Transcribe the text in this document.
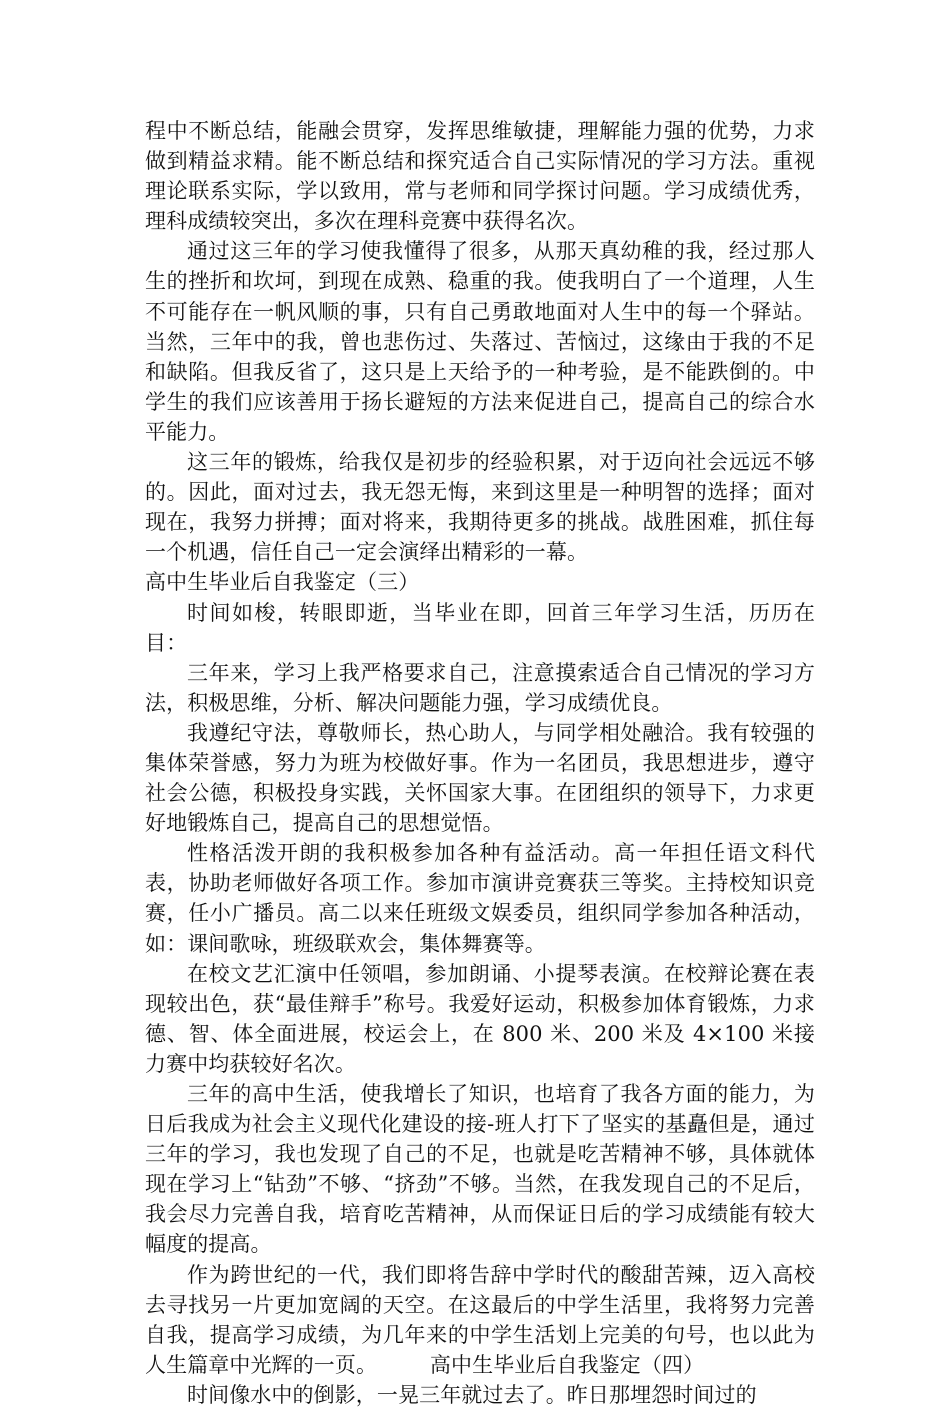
程中不断总结，能融会贯穿，发挥思维敏捷，理解能力强的优势，力求做到精益求精。能不断总结和探究适合自己实际情况的学习方法。重视理论联系实际，学以致用，常与老师和同学探讨问题。学习成绩优秀，理科成绩较突出，多次在理科竞赛中获得名次。

通过这三年的学习使我懂得了很多，从那天真幼稚的我，经过那人生的挫折和坎坷，到现在成熟、稳重的我。使我明白了一个道理，人生不可能存在一帆风顺的事，只有自己勇敢地面对人生中的每一个驿站。当然，三年中的我，曾也悲伤过、失落过、苦恼过，这缘由于我的不足和缺陷。但我反省了，这只是上天给予的一种考验，是不能跌倒的。中学生的我们应该善用于扬长避短的方法来促进自己，提高自己的综合水平能力。

这三年的锻炼，给我仅是初步的经验积累，对于迈向社会远远不够的。因此，面对过去，我无怨无悔，来到这里是一种明智的选择；面对现在，我努力拼搏；面对将来，我期待更多的挑战。战胜困难，抓住每一个机遇，信任自己一定会演绎出精彩的一幕。

高中生毕业后自我鉴定（三）

时间如梭，转眼即逝，当毕业在即，回首三年学习生活，历历在目：

三年来，学习上我严格要求自己，注意摸索适合自己情况的学习方法，积极思维，分析、解决问题能力强，学习成绩优良。

我遵纪守法，尊敬师长，热心助人，与同学相处融洽。我有较强的集体荣誉感，努力为班为校做好事。作为一名团员，我思想进步，遵守社会公德，积极投身实践，关怀国家大事。在团组织的领导下，力求更好地锻炼自己，提高自己的思想觉悟。

性格活泼开朗的我积极参加各种有益活动。高一年担任语文科代表，协助老师做好各项工作。参加市演讲竞赛获三等奖。主持校知识竞赛，任小广播员。高二以来任班级文娱委员，组织同学参加各种活动，如：课间歌咏，班级联欢会，集体舞赛等。

在校文艺汇演中任领唱，参加朗诵、小提琴表演。在校辩论赛在表现较出色，获“最佳辩手”称号。我爱好运动，积极参加体育锻炼，力求德、智、体全面进展，校运会上，在 800 米、200 米及 4×100 米接力赛中均获较好名次。

三年的高中生活，使我增长了知识，也培育了我各方面的能力，为日后我成为社会主义现代化建设的接-班人打下了坚实的基矗但是，通过三年的学习，我也发现了自己的不足，也就是吃苦精神不够，具体就体现在学习上“钻劲”不够、“挤劲”不够。当然，在我发现自己的不足后，我会尽力完善自我，培育吃苦精神，从而保证日后的学习成绩能有较大幅度的提高。

作为跨世纪的一代，我们即将告辞中学时代的酸甜苦辣，迈入高校去寻找另一片更加宽阔的天空。在这最后的中学生活里，我将努力完善自我，提高学习成绩，为几年来的中学生活划上完美的句号，也以此为人生篇章中光辉的一页。　　　高中生毕业后自我鉴定（四）

时间像水中的倒影，一晃三年就过去了。昨日那埋怨时间过的
